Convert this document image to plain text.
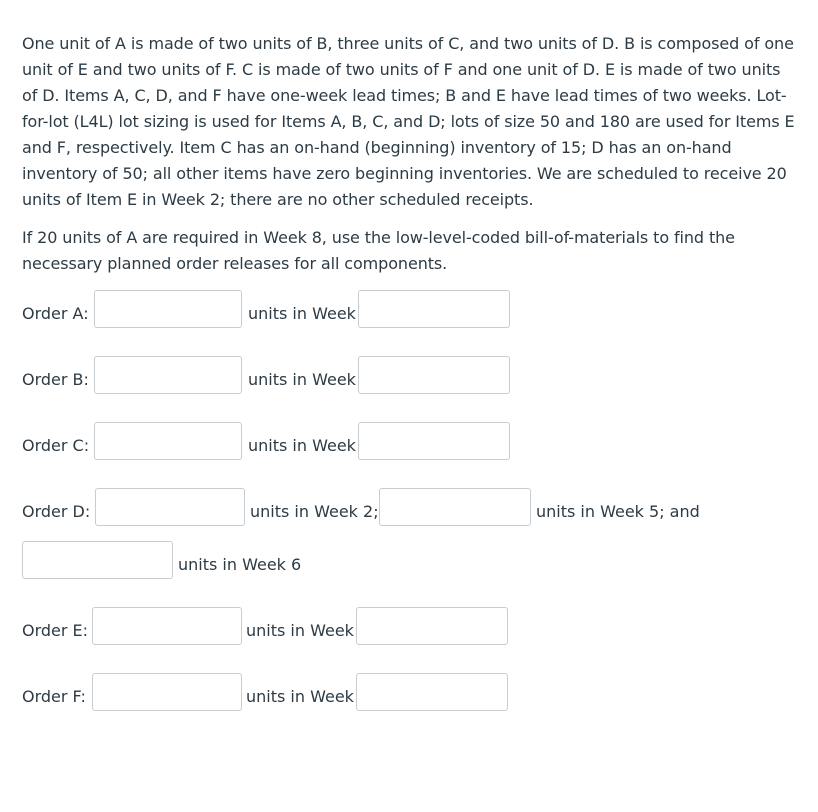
One unit of A is made of two units of B, three units of C, and two units of D. B is composed of one unit of E and two units of F. C is made of two units of F and one unit of D. E is made of two units of D. Items A, C, D, and F have one-week lead times; B and E have lead times of two weeks. Lot-for-lot (L4L) lot sizing is used for Items A, B, C, and D; lots of size 50 and 180 are used for Items E and F, respectively. Item C has an on-hand (beginning) inventory of 15; D has an on-hand inventory of 50; all other items have zero beginning inventories. We are scheduled to receive 20 units of Item E in Week 2; there are no other scheduled receipts.

If 20 units of A are required in Week 8, use the low-level-coded bill-of-materials to find the necessary planned order releases for all components.

Order A:	units in Week
Order B:	units in Week
Order C:	units in Week
Order D:	units in Week 2;	units in Week 5; and
units in Week 6
Order E:	units in Week
Order F:	units in Week
